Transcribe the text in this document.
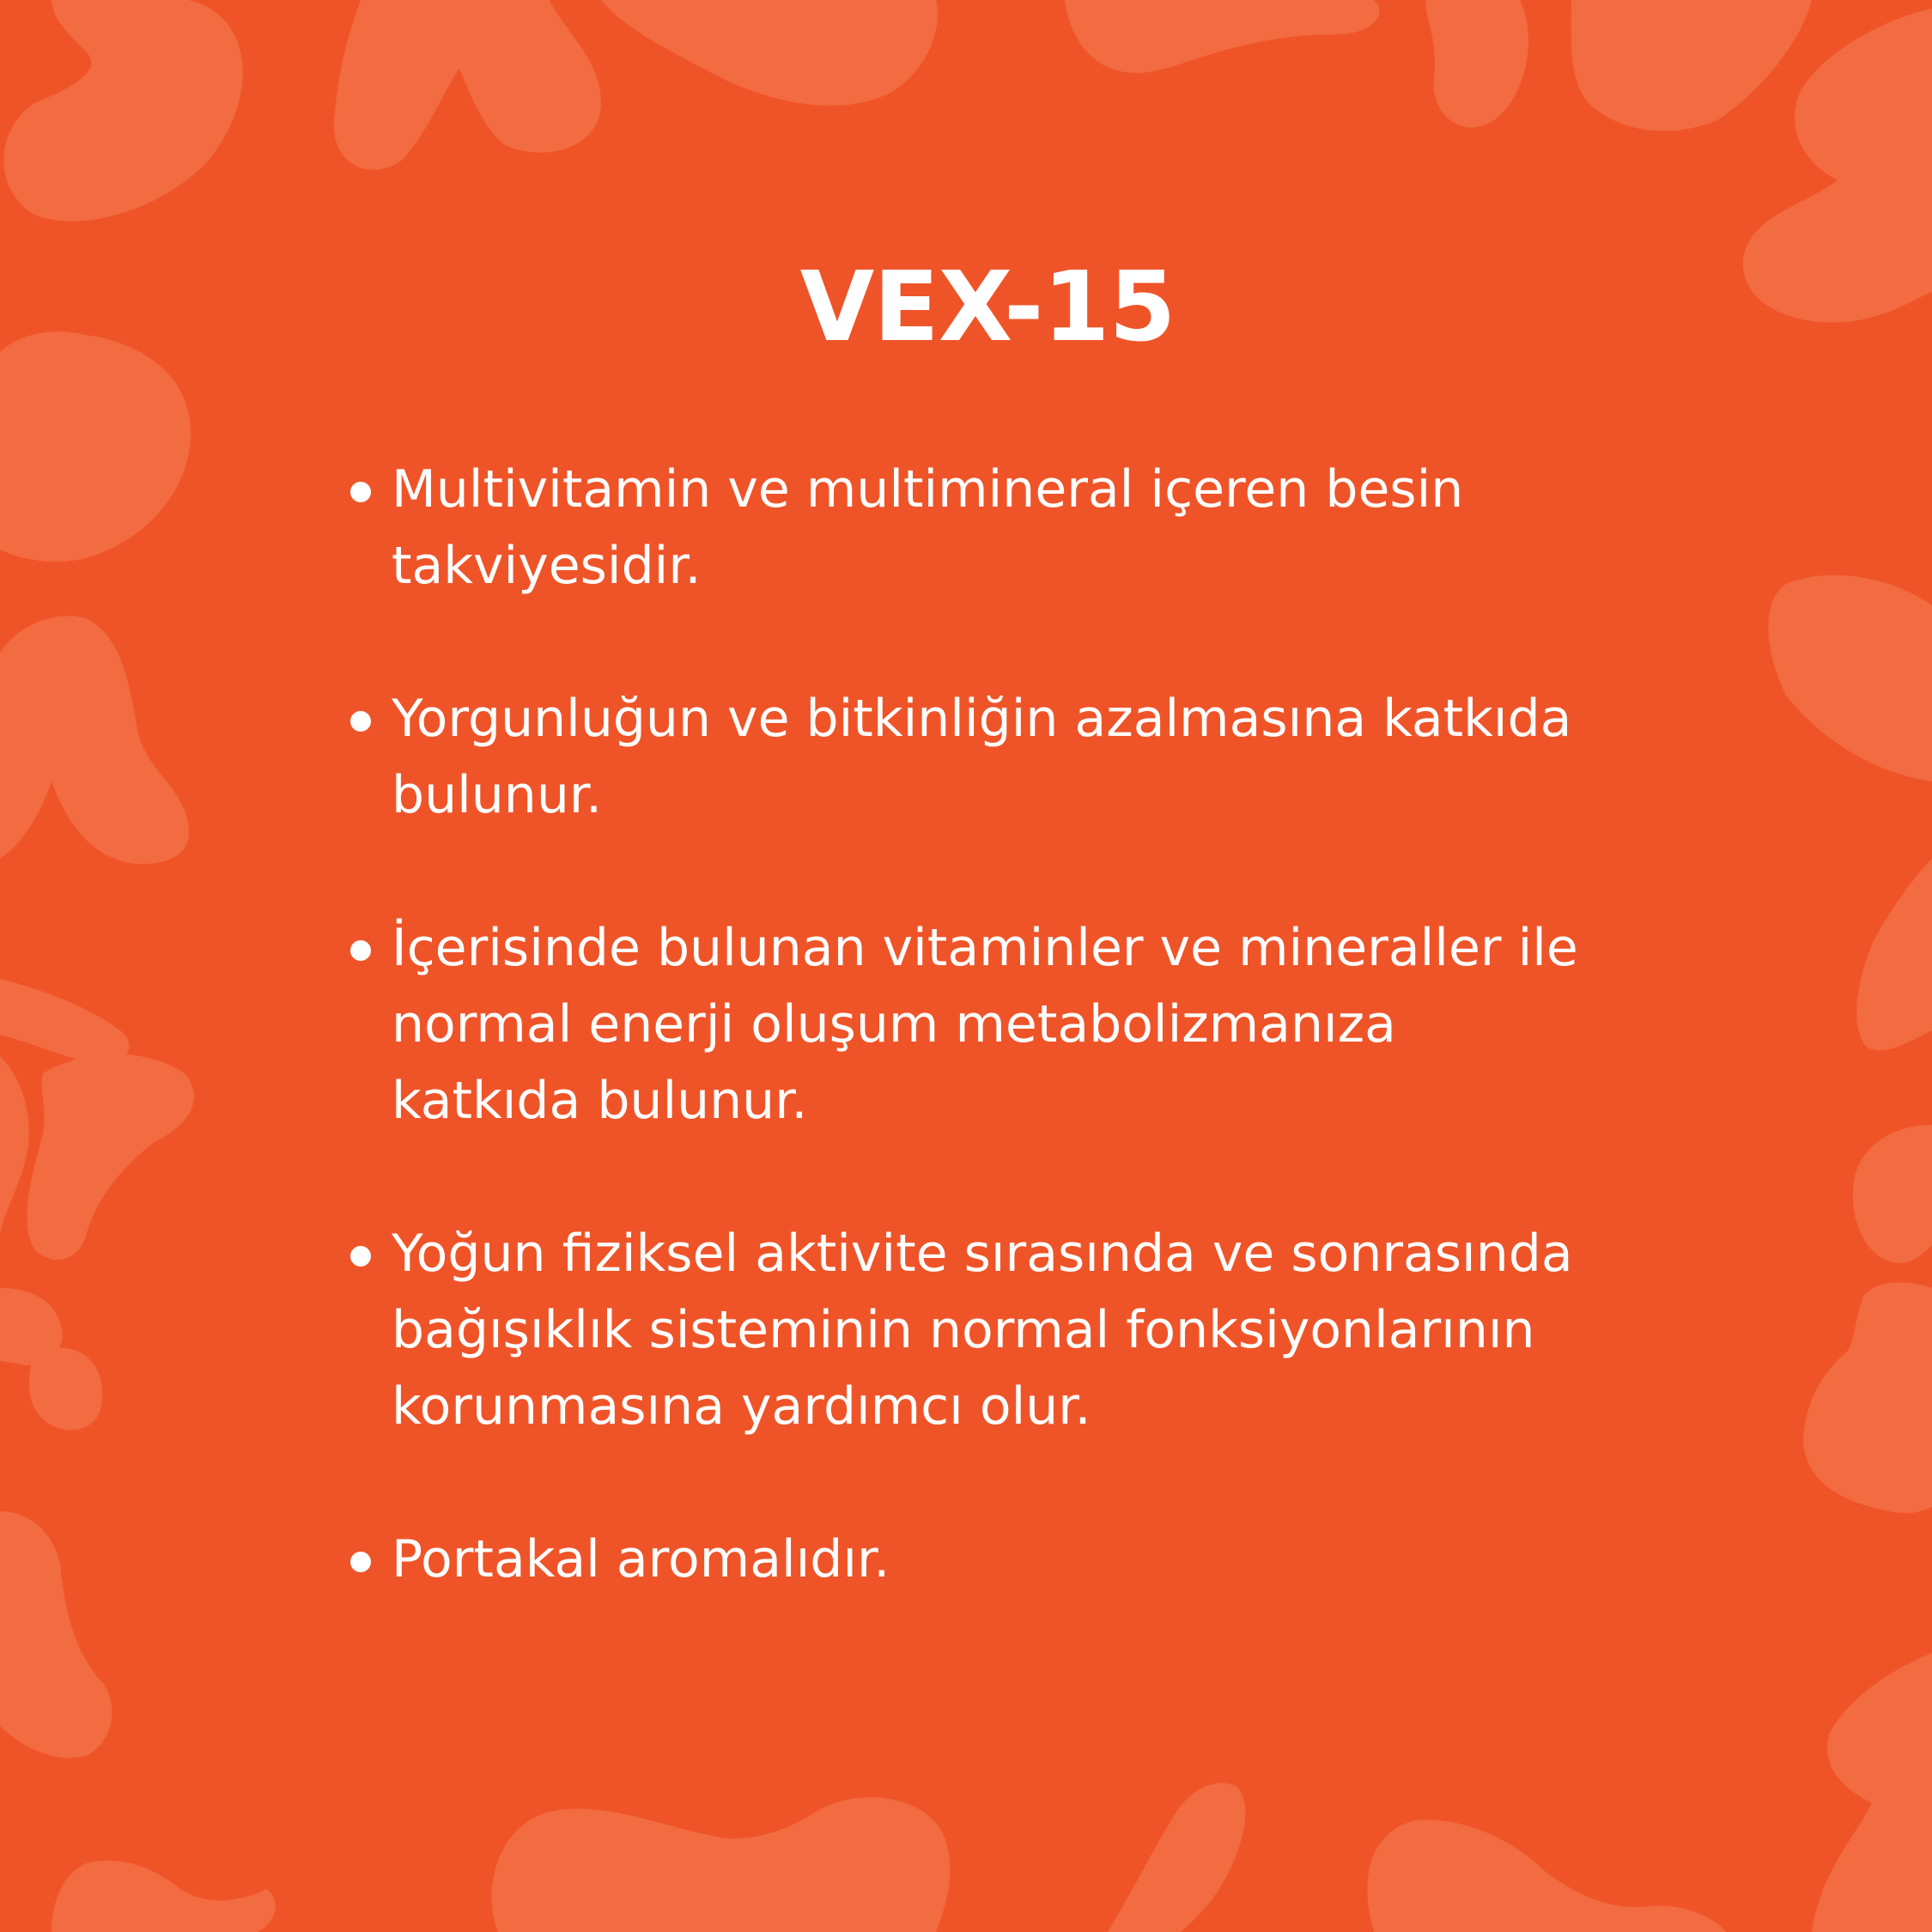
VEX-15
Multivitamin ve multimineral içeren besin takviyesidir.
Yorgunluğun ve bitkinliğin azalmasına katkıda bulunur.
İçerisinde bulunan vitaminler ve mineraller ile normal enerji oluşum metabolizmanıza katkıda bulunur.
Yoğun fiziksel aktivite sırasında ve sonrasında bağışıklık sisteminin normal fonksiyonlarının korunmasına yardımcı olur.
Portakal aromalıdır.
